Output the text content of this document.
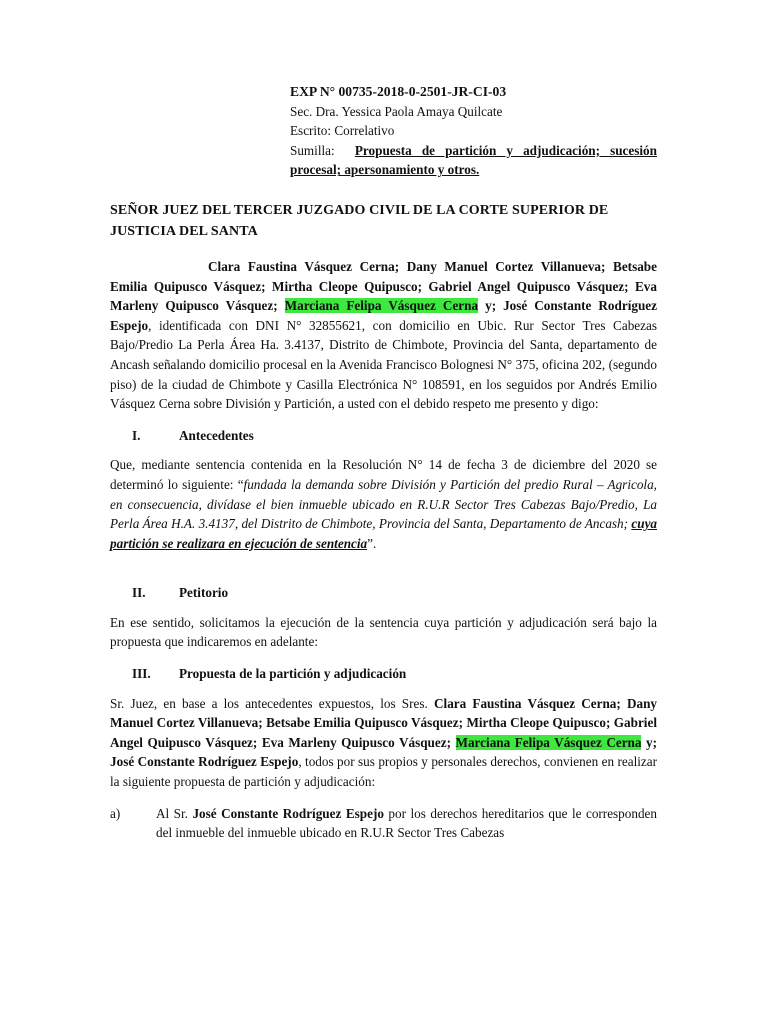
EXP N° 00735-2018-0-2501-JR-CI-03
Sec. Dra. Yessica Paola Amaya Quilcate
Escrito: Correlativo
Sumilla: Propuesta de partición y adjudicación; sucesión procesal; apersonamiento y otros.
SEÑOR JUEZ DEL TERCER JUZGADO CIVIL DE LA CORTE SUPERIOR DE JUSTICIA DEL SANTA
Clara Faustina Vásquez Cerna; Dany Manuel Cortez Villanueva; Betsabe Emilia Quipusco Vásquez; Mirtha Cleope Quipusco; Gabriel Angel Quipusco Vásquez; Eva Marleny Quipusco Vásquez; Marciana Felipa Vásquez Cerna y; José Constante Rodríguez Espejo, identificada con DNI N° 32855621, con domicilio en Ubic. Rur Sector Tres Cabezas Bajo/Predio La Perla Área Ha. 3.4137, Distrito de Chimbote, Provincia del Santa, departamento de Ancash señalando domicilio procesal en la Avenida Francisco Bolognesi N° 375, oficina 202, (segundo piso) de la ciudad de Chimbote y Casilla Electrónica N° 108591, en los seguidos por Andrés Emilio Vásquez Cerna sobre División y Partición, a usted con el debido respeto me presento y digo:
I.	Antecedentes
Que, mediante sentencia contenida en la Resolución N° 14 de fecha 3 de diciembre del 2020 se determinó lo siguiente: “fundada la demanda sobre División y Partición del predio Rural – Agricola, en consecuencia, divídase el bien inmueble ubicado en R.U.R Sector Tres Cabezas Bajo/Predio, La Perla Área H.A. 3.4137, del Distrito de Chimbote, Provincia del Santa, Departamento de Ancash; cuya partición se realizara en ejecución de sentencia”.
II.	Petitorio
En ese sentido, solicitamos la ejecución de la sentencia cuya partición y adjudicación será bajo la propuesta que indicaremos en adelante:
III. Propuesta de la partición y adjudicación
Sr. Juez, en base a los antecedentes expuestos, los Sres. Clara Faustina Vásquez Cerna; Dany Manuel Cortez Villanueva; Betsabe Emilia Quipusco Vásquez; Mirtha Cleope Quipusco; Gabriel Angel Quipusco Vásquez; Eva Marleny Quipusco Vásquez; Marciana Felipa Vásquez Cerna y; José Constante Rodríguez Espejo, todos por sus propios y personales derechos, convienen en realizar la siguiente propuesta de partición y adjudicación:
a)	Al Sr. José Constante Rodríguez Espejo por los derechos hereditarios que le corresponden del inmueble del inmueble ubicado en R.U.R Sector Tres Cabezas
